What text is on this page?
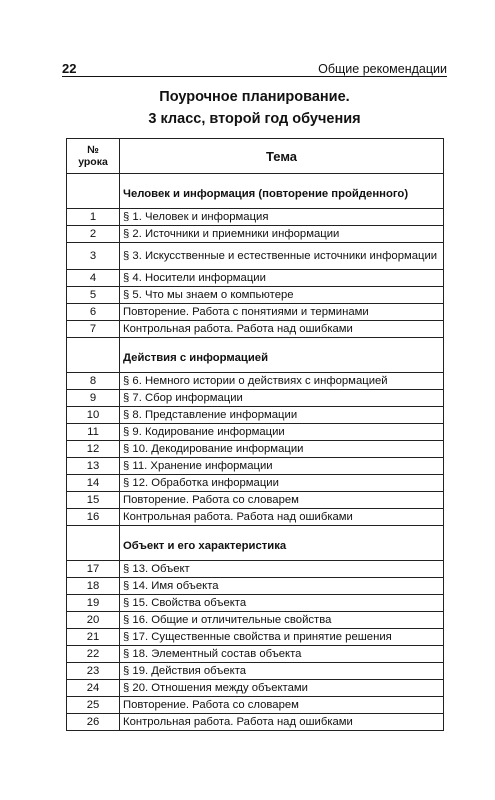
22	Общие рекомендации
Поурочное планирование.
3 класс, второй год обучения
№
урока	Тема
	Человек и информация (повторение пройденного)
1	§ 1. Человек и информация
2	§ 2. Источники и приемники информации
3	§ 3. Искусственные и естественные источники информации
4	§ 4. Носители информации
5	§ 5. Что мы знаем о компьютере
6	Повторение. Работа с понятиями и терминами
7	Контрольная работа. Работа над ошибками
	Действия с информацией
8	§ 6. Немного истории о действиях с информацией
9	§ 7. Сбор информации
10	§ 8. Представление информации
11	§ 9. Кодирование информации
12	§ 10. Декодирование информации
13	§ 11. Хранение информации
14	§ 12. Обработка информации
15	Повторение. Работа со словарем
16	Контрольная работа. Работа над ошибками
	Объект и его характеристика
17	§ 13. Объект
18	§ 14. Имя объекта
19	§ 15. Свойства объекта
20	§ 16. Общие и отличительные свойства
21	§ 17. Существенные свойства и принятие решения
22	§ 18. Элементный состав объекта
23	§ 19. Действия объекта
24	§ 20. Отношения между объектами
25	Повторение. Работа со словарем
26	Контрольная работа. Работа над ошибками
